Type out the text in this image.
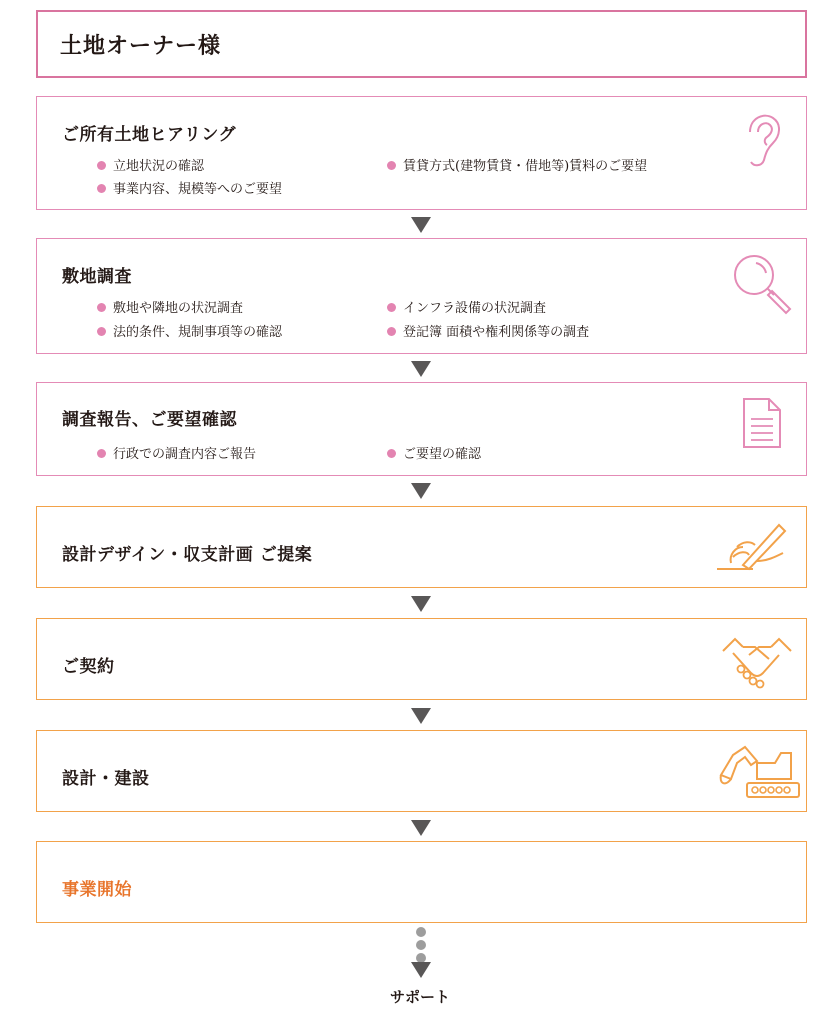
土地オーナー様
ご所有土地ヒアリング
立地状況の確認	賃貸方式(建物賃貸・借地等)賃料のご要望
事業内容、規模等へのご要望
敷地調査
敷地や隣地の状況調査	インフラ設備の状況調査
法的条件、規制事項等の確認	登記簿 面積や権利関係等の調査
調査報告、ご要望確認
行政での調査内容ご報告	ご要望の確認
設計デザイン・収支計画 ご提案
ご契約
設計・建設
事業開始
サポート
